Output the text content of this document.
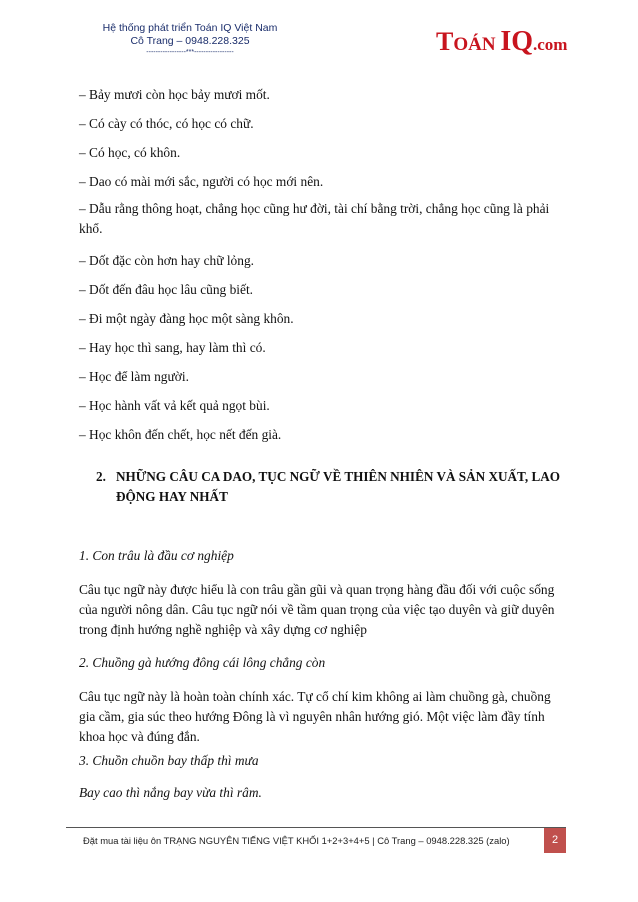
Hệ thống phát triển Toán IQ Việt Nam
Cô Trang – 0948.228.325
-----------------***-----------------	TOÁN IQ.com
– Bảy mươi còn học bảy mươi mốt.
– Có cày có thóc, có học có chữ.
– Có học, có khôn.
– Dao có mài mới sắc, người có học mới nên.
– Dẫu rằng thông hoạt, chẳng học cũng hư đời, tài chí bằng trời, chẳng học cũng là phải khổ.
– Dốt đặc còn hơn hay chữ lỏng.
– Dốt đến đâu học lâu cũng biết.
– Đi một ngày đàng học một sàng khôn.
– Hay học thì sang, hay làm thì có.
– Học để làm người.
– Học hành vất vả kết quả ngọt bùi.
– Học khôn đến chết, học nết đến già.
2. NHỮNG CÂU CA DAO, TỤC NGỮ VỀ THIÊN NHIÊN VÀ SẢN XUẤT, LAO ĐỘNG HAY NHẤT
1. Con trâu là đầu cơ nghiệp
Câu tục ngữ này được hiểu là con trâu gần gũi và quan trọng hàng đầu đối với cuộc sống của người nông dân. Câu tục ngữ nói về tầm quan trọng của việc tạo duyên và giữ duyên trong định hướng nghề nghiệp và xây dựng cơ nghiệp
2. Chuồng gà hướng đông cái lông chẳng còn
Câu tục ngữ này là hoàn toàn chính xác. Tự cổ chí kim không ai làm chuồng gà, chuồng gia cầm, gia súc theo hướng Đông là vì nguyên nhân hướng gió. Một việc làm đầy tính khoa học và đúng đắn.
3. Chuồn chuồn bay thấp thì mưa
Bay cao thì nắng bay vừa thì râm.
Đặt mua tài liệu ôn TRẠNG NGUYÊN TIẾNG VIỆT KHỐI 1+2+3+4+5 | Cô Trang – 0948.228.325 (zalo)	2
